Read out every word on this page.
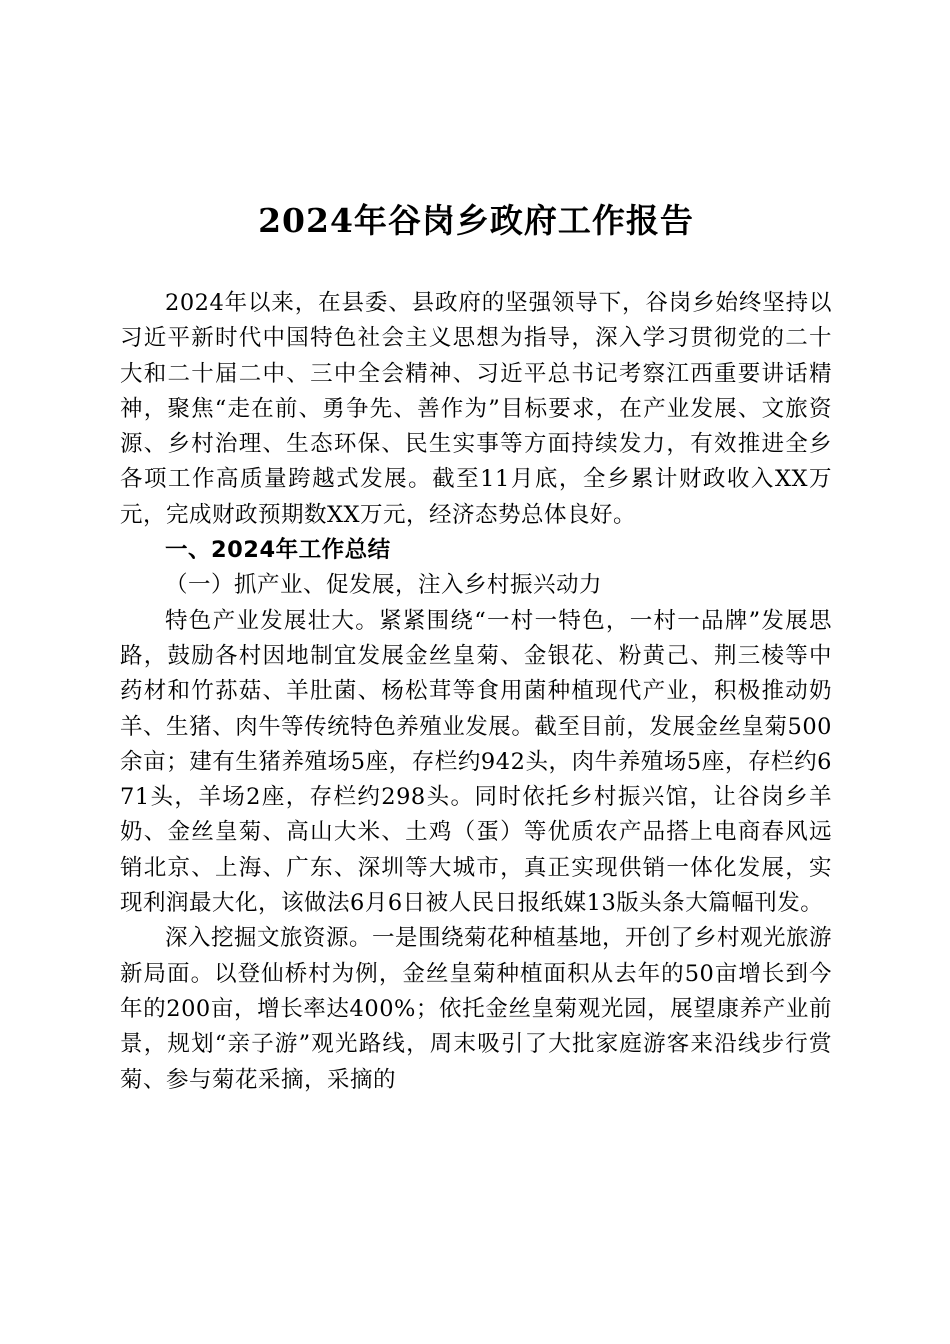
2024年谷岗乡政府工作报告

2024年以来，在县委、县政府的坚强领导下，谷岗乡始终坚持以习近平新时代中国特色社会主义思想为指导，深入学习贯彻党的二十大和二十届二中、三中全会精神、习近平总书记考察江西重要讲话精神，聚焦“走在前、勇争先、善作为”目标要求，在产业发展、文旅资源、乡村治理、生态环保、民生实事等方面持续发力，有效推进全乡各项工作高质量跨越式发展。截至11月底，全乡累计财政收入XX万元，完成财政预期数XX万元，经济态势总体良好。

一、2024年工作总结

（一）抓产业、促发展，注入乡村振兴动力

特色产业发展壮大。紧紧围绕“一村一特色，一村一品牌”发展思路，鼓励各村因地制宜发展金丝皇菊、金银花、粉黄己、荆三棱等中药材和竹荪菇、羊肚菌、杨松茸等食用菌种植现代产业，积极推动奶羊、生猪、肉牛等传统特色养殖业发展。截至目前，发展金丝皇菊500余亩；建有生猪养殖场5座，存栏约942头，肉牛养殖场5座，存栏约671头，羊场2座，存栏约298头。同时依托乡村振兴馆，让谷岗乡羊奶、金丝皇菊、高山大米、土鸡（蛋）等优质农产品搭上电商春风远销北京、上海、广东、深圳等大城市，真正实现供销一体化发展，实现利润最大化，该做法6月6日被人民日报纸媒13版头条大篇幅刊发。

深入挖掘文旅资源。一是围绕菊花种植基地，开创了乡村观光旅游新局面。以登仙桥村为例，金丝皇菊种植面积从去年的50亩增长到今年的200亩，增长率达400%；依托金丝皇菊观光园，展望康养产业前景，规划“亲子游”观光路线，周末吸引了大批家庭游客来沿线步行赏菊、参与菊花采摘，采摘的
